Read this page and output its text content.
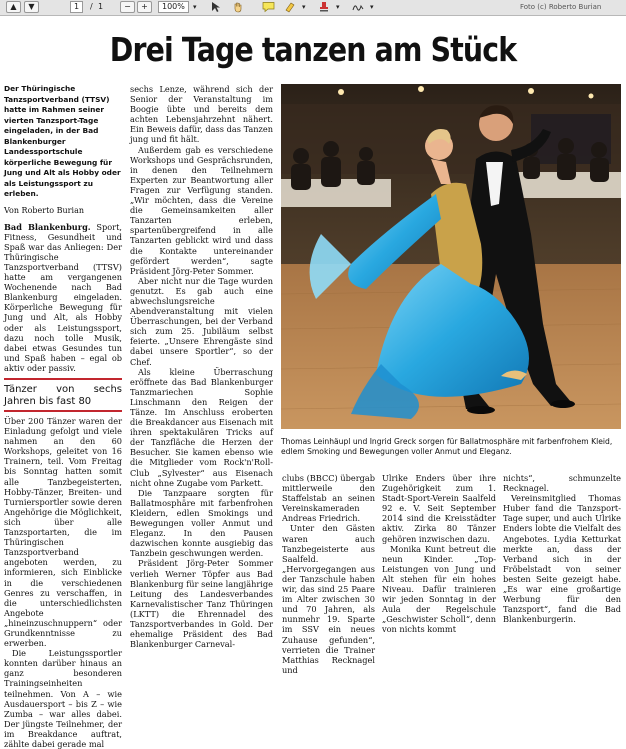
▲	▼	1	/ 1	−	+	100%	▾	▾	▾	▾	Foto (c) Roberto Burian
Drei Tage tanzen am Stück

Der Thüringische Tanzsportverband (TTSV) hatte im Rahmen seiner vierten Tanzsport-Tage eingeladen, in der Bad Blankenburger Landessportschule körperliche Bewegung für Jung und Alt als Hobby oder als Leistungssport zu erleben.

Von Roberto Burian

Bad Blankenburg. Sport, Fitness, Gesundheit und Spaß war das Anliegen: Der Thüringische Tanzsportverband (TTSV) hatte am vergangenen Wochenende nach Bad Blankenburg eingeladen. Körperliche Bewegung für Jung und Alt, als Hobby oder als Leistungssport, dazu noch tolle Musik, dabei etwas Gesundes tun und Spaß haben – egal ob aktiv oder passiv.

Tänzer von sechs Jahren bis fast 80

Über 200 Tänzer waren der Einladung gefolgt und viele nahmen an den 60 Workshops, geleitet von 16 Trainern, teil. Vom Freitag bis Sonntag hatten somit alle Tanzbegeisterten, Hobby-Tänzer, Breiten- und Turniersportler sowie deren Angehörige die Möglichkeit, sich über alle Tanzsportarten, die im Thüringischen Tanzsportverband angeboten werden, zu informieren, sich Einblicke in die verschiedenen Genres zu verschaffen, in die unterschiedlichsten Angebote „hineinzuschnuppern“ oder Grundkenntnisse zu erwerben.

Die Leistungssportler konnten darüber hinaus an ganz besonderen Trainingseinheiten teilnehmen. Von A – wie Ausdauersport – bis Z – wie Zumba – war alles dabei. Der jüngste Teilnehmer, der im Breakdance auftrat, zählte dabei gerade mal

sechs Lenze, während sich der Senior der Veranstaltung im Boogie übte und bereits dem achten Lebensjahrzehnt nähert. Ein Beweis dafür, dass das Tanzen jung und fit hält.

Außerdem gab es verschiedene Workshops und Gesprächsrunden, in denen den Teilnehmern Experten zur Beantwortung aller Fragen zur Verfügung standen. „Wir möchten, dass die Vereine die Gemeinsamkeiten aller Tanzarten erleben, spartenübergreifend in alle Tanzarten geblickt wird und dass die Kontakte untereinander gefördert werden“, sagte Präsident Jörg-Peter Sommer.

Aber nicht nur die Tage wurden genutzt. Es gab auch eine abwechslungsreiche Abendveranstaltung mit vielen Überraschungen, bei der Verband sich zum 25. Jubiläum selbst feierte. „Unsere Ehrengäste sind dabei unsere Sportler“, so der Chef.

Als kleine Überraschung eröffnete das Bad Blankenburger Tanzmariechen Sophie Linschmann den Reigen der Tänze. Im Anschluss eroberten die Breakdancer aus Eisenach mit ihren spektakulären Tricks auf der Tanzfläche die Herzen der Besucher. Sie kamen ebenso wie die Mitglieder vom Rock'n'Roll-Club „Sylvester“ aus Eisenach nicht ohne Zugabe vom Parkett.

Die Tanzpaare sorgten für Ballatmosphäre mit farbenfrohen Kleidern, edlen Smokings und Bewegungen voller Anmut und Eleganz. In den Pausen dazwischen konnte ausgiebig das Tanzbein geschwungen werden.

Präsident Jörg-Peter Sommer verlieh Werner Töpfer aus Bad Blankenburg für seine langjährige Leitung des Landesverbandes Karnevalistischer Tanz Thüringen (LKTT) die Ehrennadel des Tanzsportverbandes in Gold. Der ehemalige Präsident des Bad Blankenburger Carneval-

Thomas Leinhäupl und Ingrid Greck sorgen für Ballatmosphäre mit farbenfrohem Kleid, edlem Smoking und Bewegungen voller Anmut und Eleganz.

clubs (BBCC) übergab mittlerweile den Staffelstab an seinen Vereinskameraden Andreas Friedrich.

Unter den Gästen waren auch Tanzbegeisterte aus Saalfeld. „Hervorgegangen aus der Tanzschule haben wir, das sind 25 Paare im Alter zwischen 30 und 70 Jahren, als nunmehr 19. Sparte im SSV ein neues Zuhause gefunden“, verrieten die Trainer Matthias Recknagel und

Ulrike Enders über ihre Zugehörigkeit zum 1. Stadt-Sport-Verein Saalfeld 92 e. V. Seit September 2014 sind die Kreisstädter aktiv. Zirka 80 Tänzer gehören inzwischen dazu.

Monika Kunt betreut die neun Kinder. „Top-Leistungen von Jung und Alt stehen für ein hohes Niveau. Dafür trainieren wir jeden Sonntag in der Aula der Regelschule „Geschwister Scholl“, denn von nichts kommt

nichts“, schmunzelte Recknagel.

Vereinsmitglied Thomas Huber fand die Tanzsport-Tage super, und auch Ulrike Enders lobte die Vielfalt des Angebotes. Lydia Ketturkat merkte an, dass der Verband sich in der Fröbelstadt von seiner besten Seite gezeigt habe. „Es war eine großartige Werbung für den Tanzsport“, fand die Bad Blankenburgerin.
